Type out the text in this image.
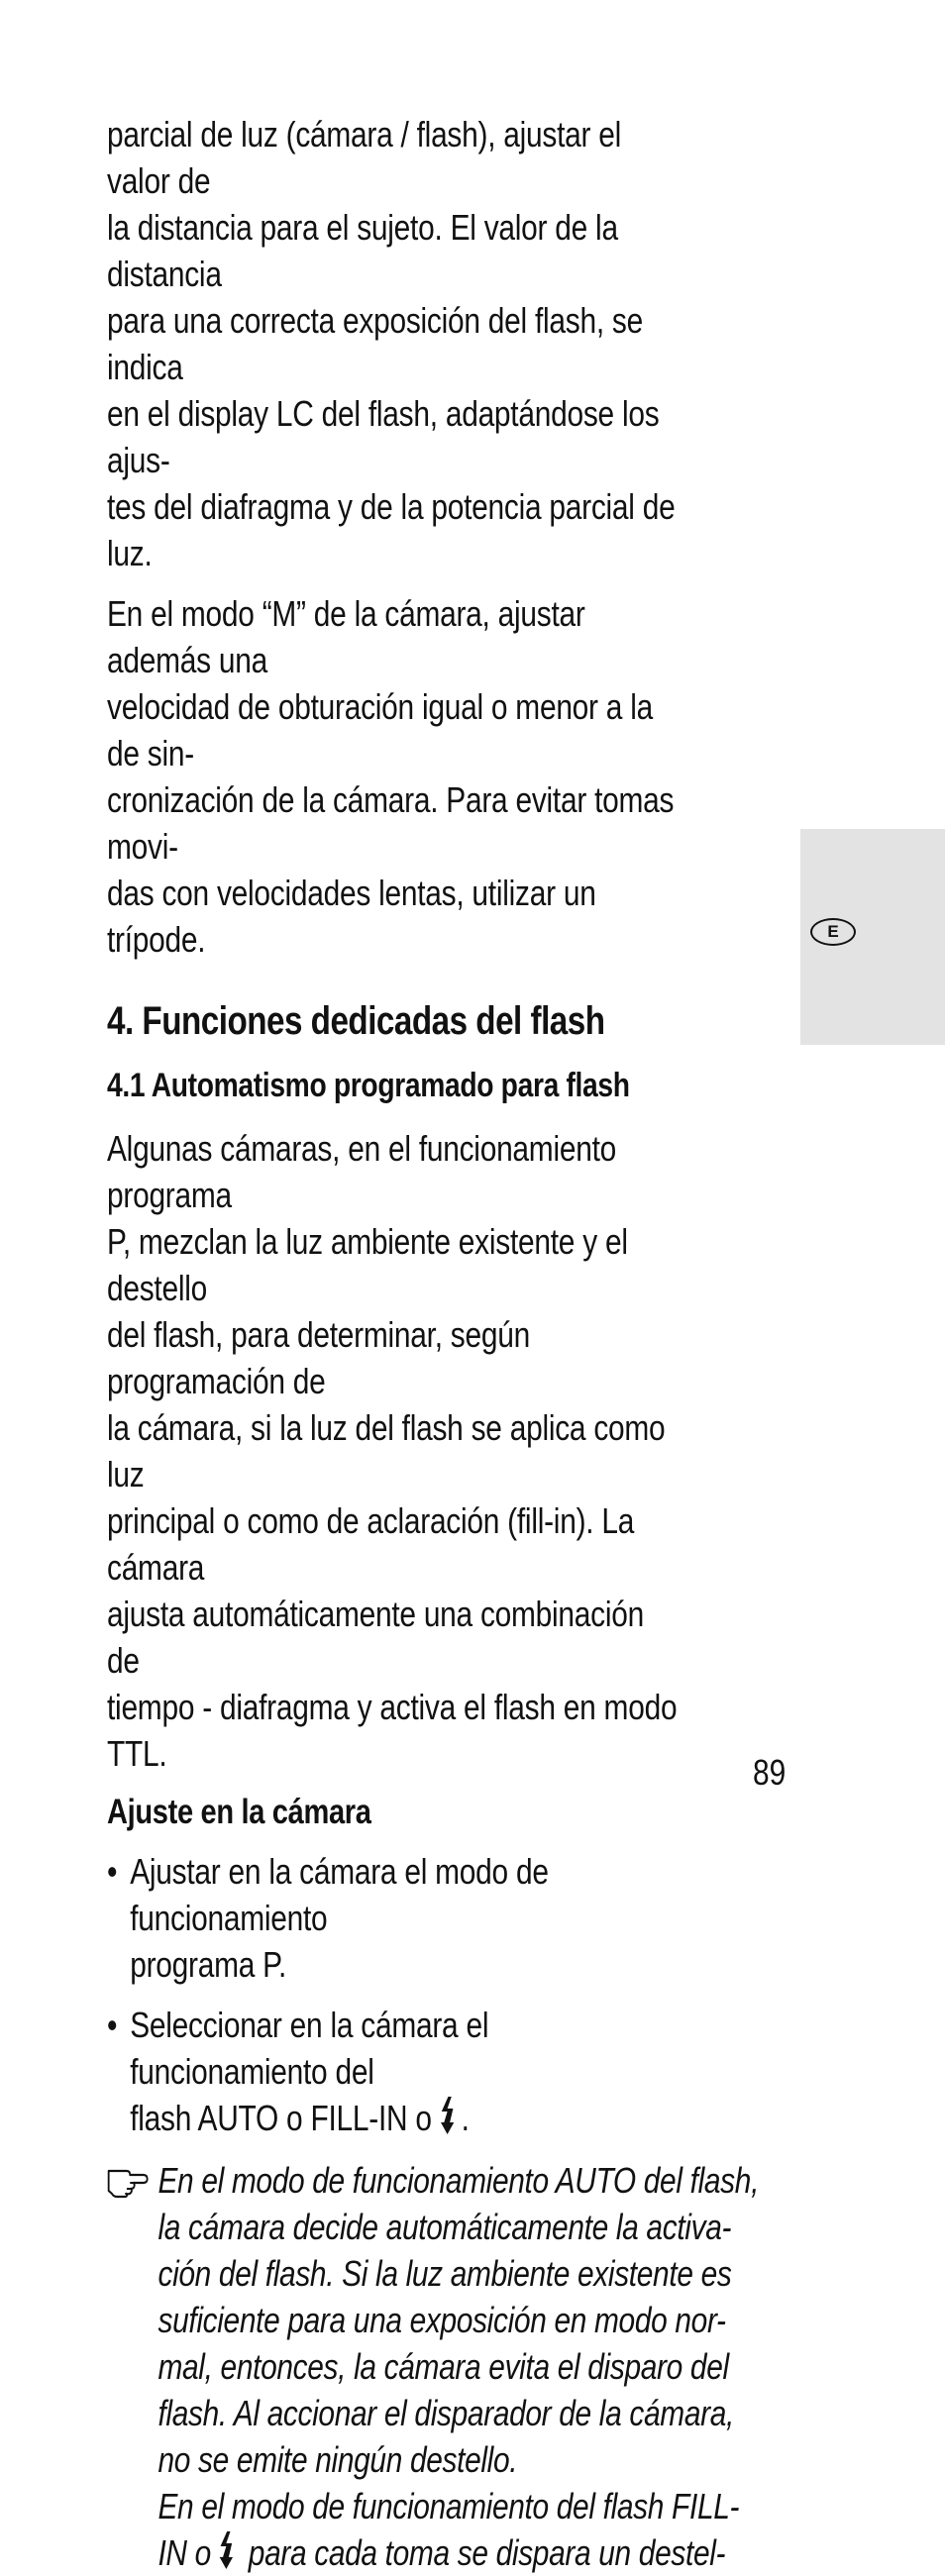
parcial de luz (cámara / flash), ajustar el valor de
la distancia para el sujeto. El valor de la distancia
para una correcta exposición del flash, se indica
en el display LC del flash, adaptándose los ajus-
tes del diafragma y de la potencia parcial de luz.

En el modo “M” de la cámara, ajustar además una
velocidad de obturación igual o menor a la de sin-
cronización de la cámara. Para evitar tomas movi-
das con velocidades lentas, utilizar un trípode.

4. Funciones dedicadas del flash
4.1 Automatismo programado para flash

Algunas cámaras, en el funcionamiento programa
P, mezclan la luz ambiente existente y el destello
del flash, para determinar, según programación de
la cámara, si la luz del flash se aplica como luz
principal o como de aclaración (fill-in). La cámara
ajusta automáticamente una combinación de
tiempo - diafragma y activa el flash en modo TTL.

Ajuste en la cámara
• Ajustar en la cámara el modo de funcionamiento
programa P.
• Seleccionar en la cámara el funcionamiento del
flash AUTO o FILL-IN o .
En el modo de funcionamiento AUTO del flash,
la cámara decide automáticamente la activa-
ción del flash. Si la luz ambiente existente es
suficiente para una exposición en modo nor-
mal, entonces, la cámara evita el disparo del
flash. Al accionar el disparador de la cámara,
no se emite ningún destello.
En el modo de funcionamiento del flash FILL-
IN o para cada toma se dispara un destel-
E
89
